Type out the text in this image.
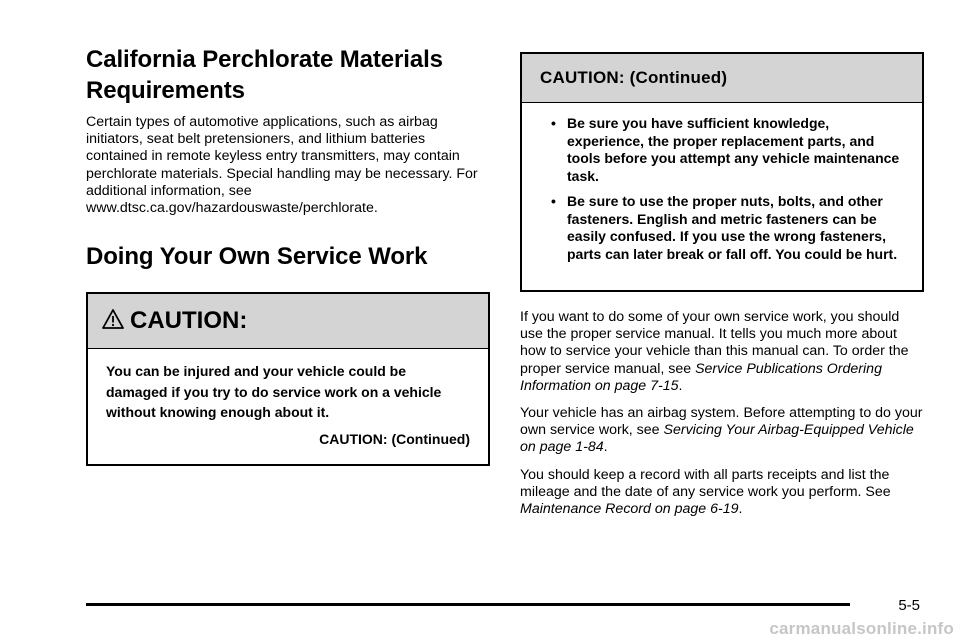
California Perchlorate Materials
Requirements

Certain types of automotive applications, such as airbag initiators, seat belt pretensioners, and lithium batteries contained in remote keyless entry transmitters, may contain perchlorate materials. Special handling may be necessary. For additional information, see www.dtsc.ca.gov/hazardouswaste/perchlorate.

Doing Your Own Service Work
CAUTION:
You can be injured and your vehicle could be damaged if you try to do service work on a vehicle without knowing enough about it.
CAUTION: (Continued)
CAUTION: (Continued)
• Be sure you have sufficient knowledge, experience, the proper replacement parts, and tools before you attempt any vehicle maintenance task.
• Be sure to use the proper nuts, bolts, and other fasteners. English and metric fasteners can be easily confused. If you use the wrong fasteners, parts can later break or fall off. You could be hurt.

If you want to do some of your own service work, you should use the proper service manual. It tells you much more about how to service your vehicle than this manual can. To order the proper service manual, see Service Publications Ordering Information on page 7-15.

Your vehicle has an airbag system. Before attempting to do your own service work, see Servicing Your Airbag-Equipped Vehicle on page 1-84.

You should keep a record with all parts receipts and list the mileage and the date of any service work you perform. See Maintenance Record on page 6-19.

5-5
carmanualsonline.info
